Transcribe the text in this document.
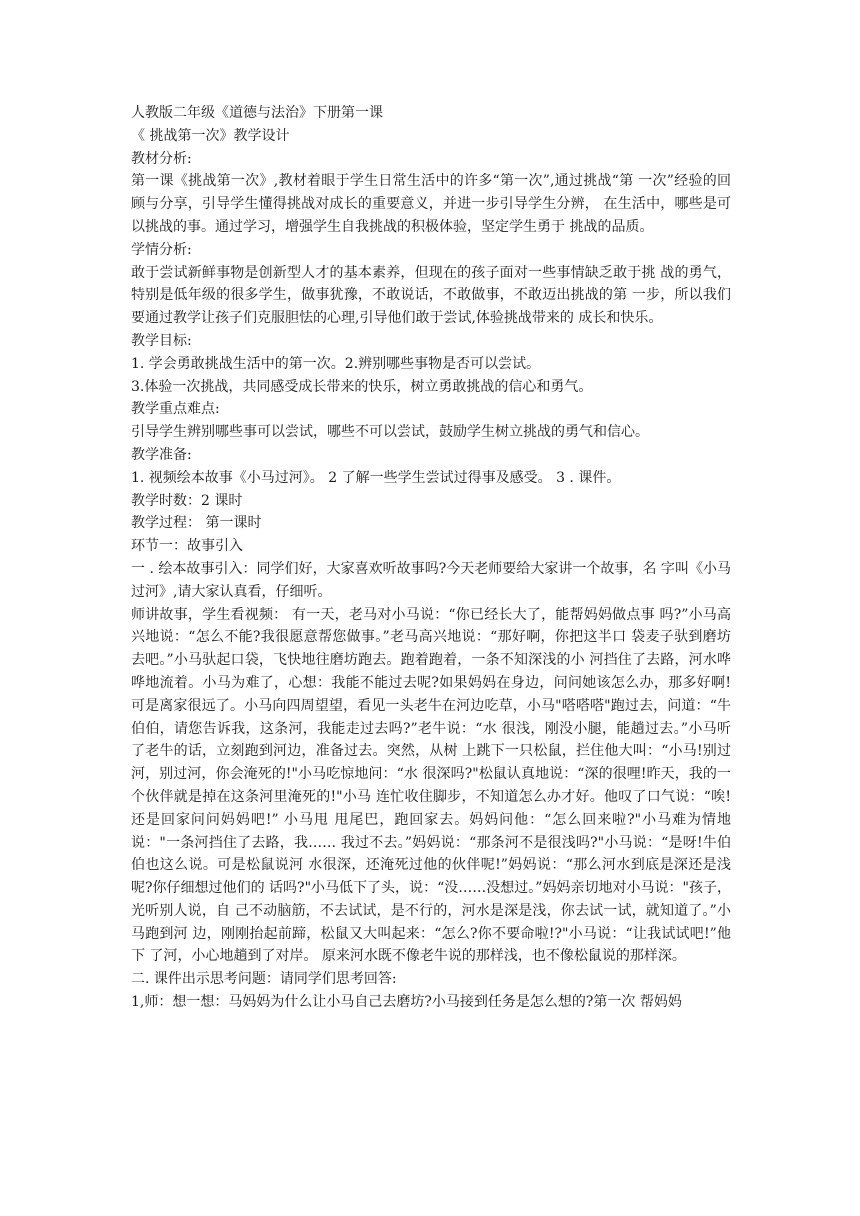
人教版二年级《道德与法治》下册第一课

《 挑战第一次》教学设计

教材分析:

第一课《挑战第一次》,教材着眼于学生日常生活中的许多“第一次”,通过挑战“第 一次”经验的回顾与分享，引导学生懂得挑战对成长的重要意义，并进一步引导学生分辨， 在生活中，哪些是可以挑战的事。通过学习，增强学生自我挑战的积极体验，坚定学生勇于 挑战的品质。

学情分析:

敢于尝试新鲜事物是创新型人才的基本素养，但现在的孩子面对一些事情缺乏敢于挑 战的勇气，特别是低年级的很多学生，做事犹豫，不敢说话，不敢做事，不敢迈出挑战的第 一步，所以我们要通过教学让孩子们克服胆怯的心理,引导他们敢于尝试,体验挑战带来的 成长和快乐。

教学目标:

1. 学会勇敢挑战生活中的第一次。2.辨别哪些事物是否可以尝试。

3.体验一次挑战，共同感受成长带来的快乐，树立勇敢挑战的信心和勇气。

教学重点难点:

引导学生辨别哪些事可以尝试，哪些不可以尝试，鼓励学生树立挑战的勇气和信心。

教学准备:

1. 视频绘本故事《小马过河》。 2 了解一些学生尝试过得事及感受。 3 . 课件。

教学时数：2 课时

教学过程： 第一课时

环节一：故事引入

一 . 绘本故事引入：同学们好，大家喜欢听故事吗?今天老师要给大家讲一个故事，名 字叫《小马过河》,请大家认真看，仔细听。

师讲故事，学生看视频： 有一天，老马对小马说：“你已经长大了，能帮妈妈做点事 吗?”小马高兴地说：“怎么不能?我很愿意帮您做事。”老马高兴地说：“那好啊，你把这半口 袋麦子驮到磨坊去吧。”小马驮起口袋，飞快地往磨坊跑去。跑着跑着，一条不知深浅的小 河挡住了去路，河水哗哗地流着。小马为难了，心想：我能不能过去呢?如果妈妈在身边，问问她该怎么办，那多好啊!可是离家很远了。小马向四周望望，看见一头老牛在河边吃草，小马"嗒嗒嗒"跑过去，问道：“牛伯伯，请您告诉我，这条河，我能走过去吗?”老牛说：“水 很浅，刚没小腿，能趟过去。”小马听了老牛的话，立刻跑到河边，准备过去。突然，从树 上跳下一只松鼠，拦住他大叫：“小马!别过河，别过河，你会淹死的!"小马吃惊地问：“水 很深吗?"松鼠认真地说：“深的很哩!昨天，我的一个伙伴就是掉在这条河里淹死的!"小马 连忙收住脚步，不知道怎么办才好。他叹了口气说：“唉!还是回家问问妈妈吧!” 小马甩 甩尾巴，跑回家去。妈妈问他：“怎么回来啦?"小马难为情地说："一条河挡住了去路，我…… 我过不去。”妈妈说：“那条河不是很浅吗?"小马说：“是呀!牛伯伯也这么说。可是松鼠说河 水很深，还淹死过他的伙伴呢!”妈妈说：“那么河水到底是深还是浅呢?你仔细想过他们的 话吗?"小马低下了头，说：“没……没想过。”妈妈亲切地对小马说："孩子，光听别人说，自 己不动脑筋，不去试试，是不行的，河水是深是浅，你去试一试，就知道了。”小马跑到河 边，刚刚抬起前蹄，松鼠又大叫起来：“怎么?你不要命啦!?"小马说：“让我试试吧!”他下 了河，小心地趟到了对岸。 原来河水既不像老牛说的那样浅，也不像松鼠说的那样深。

二. 课件出示思考问题：请同学们思考回答:

1,师：想一想：马妈妈为什么让小马自己去磨坊?小马接到任务是怎么想的?第一次 帮妈妈
